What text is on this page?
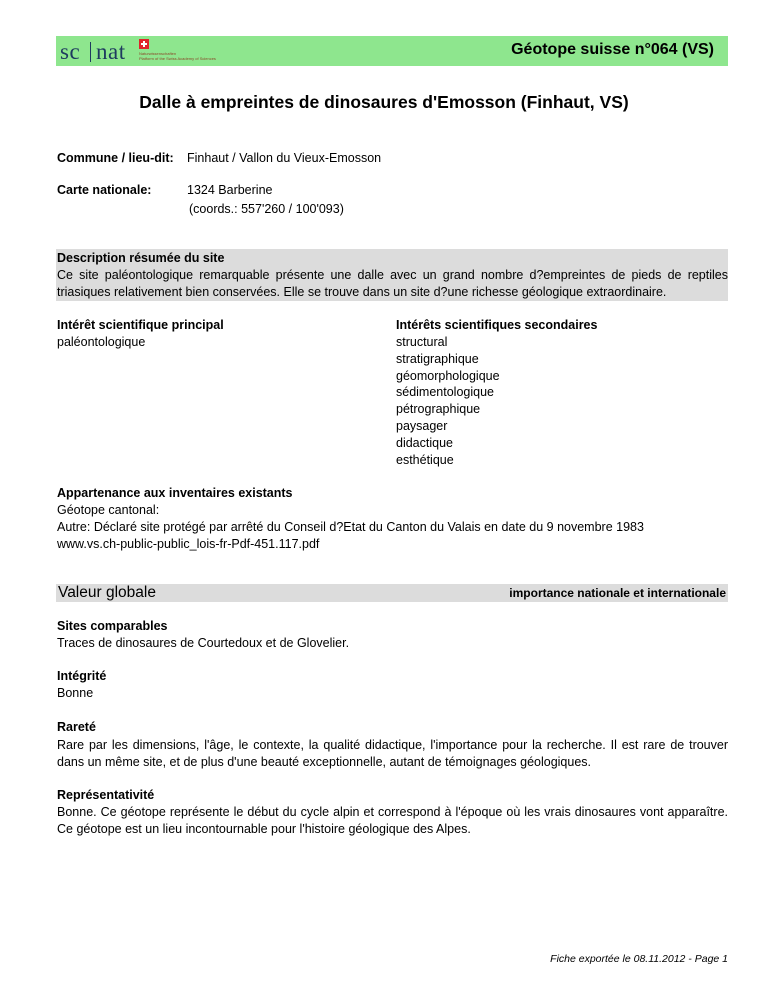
sc nat	Naturwissenschaften
Platform of the Swiss Academy of Sciences
Géotope suisse n°064 (VS)
Dalle à empreintes de dinosaures d'Emosson (Finhaut, VS)
Commune / lieu-dit: Finhaut / Vallon du Vieux-Emosson
Carte nationale:	1324 Barberine
(coords.: 557'260 / 100'093)
Description résumée du site
Ce site paléontologique remarquable présente une dalle avec un grand nombre d?empreintes de pieds de reptiles triasiques relativement bien conservées. Elle se trouve dans un site d?une richesse géologique extraordinaire.
Intérêt scientifique principal
paléontologique
Intérêts scientifiques secondaires
structural
stratigraphique
géomorphologique
sédimentologique
pétrographique
paysager
didactique
esthétique
Appartenance aux inventaires existants
Géotope cantonal:
Autre: Déclaré site protégé par arrêté du Conseil d?Etat du Canton du Valais en date du 9 novembre 1983
www.vs.ch-public-public_lois-fr-Pdf-451.117.pdf
Valeur globale	importance nationale et internationale
Sites comparables
Traces de dinosaures de Courtedoux et de Glovelier.
Intégrité
Bonne
Rareté
Rare par les dimensions, l'âge, le contexte, la qualité didactique, l'importance pour la recherche. Il est rare de trouver dans un même site, et de plus d'une beauté exceptionnelle, autant de témoignages géologiques.
Représentativité
Bonne. Ce géotope représente le début du cycle alpin et correspond à l'époque où les vrais dinosaures vont apparaître. Ce géotope est un lieu incontournable pour l'histoire géologique des Alpes.
Fiche exportée le 08.11.2012 - Page 1
